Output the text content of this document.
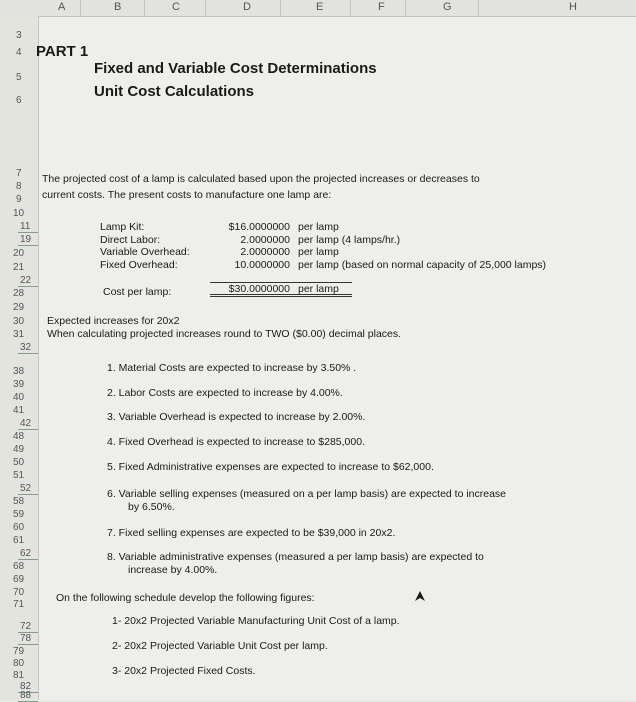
A	B	C	D	E	F	G	H
3
4
5
6
7
8
9
10
11
19
20
21
22
28
29
30
31
32
38
39
40
41
42
48
49
50
51
52
58
59
60
61
62
68
69
70
71
72
78
79
80
81
82
88
PART 1
Fixed and Variable Cost Determinations
Unit Cost Calculations
The projected cost of a lamp is calculated based upon the projected increases or decreases to
current costs. The present costs to manufacture one lamp are:
Lamp Kit:	$16.0000000 per lamp
Direct Labor:	2.0000000 per lamp (4 lamps/hr.)
Variable Overhead:	2.0000000 per lamp
Fixed Overhead:	10.0000000 per lamp (based on normal capacity of 25,000 lamps)
Cost per lamp:	$30.0000000 per lamp
Expected increases for 20x2
When calculating projected increases round to TWO ($0.00) decimal places.
1. Material Costs are expected to increase by 3.50% .
2. Labor Costs are expected to increase by 4.00%.
3. Variable Overhead is expected to increase by 2.00%.
4. Fixed Overhead is expected to increase to $285,000.
5. Fixed Administrative expenses are expected to increase to $62,000.
6. Variable selling expenses (measured on a per lamp basis) are expected to increase
by 6.50%.
7. Fixed selling expenses are expected to be $39,000 in 20x2.
8. Variable administrative expenses (measured a per lamp basis) are expected to
increase by 4.00%.
On the following schedule develop the following figures:
1- 20x2 Projected Variable Manufacturing Unit Cost of a lamp.
2- 20x2 Projected Variable Unit Cost per lamp.
3- 20x2 Projected Fixed Costs.
